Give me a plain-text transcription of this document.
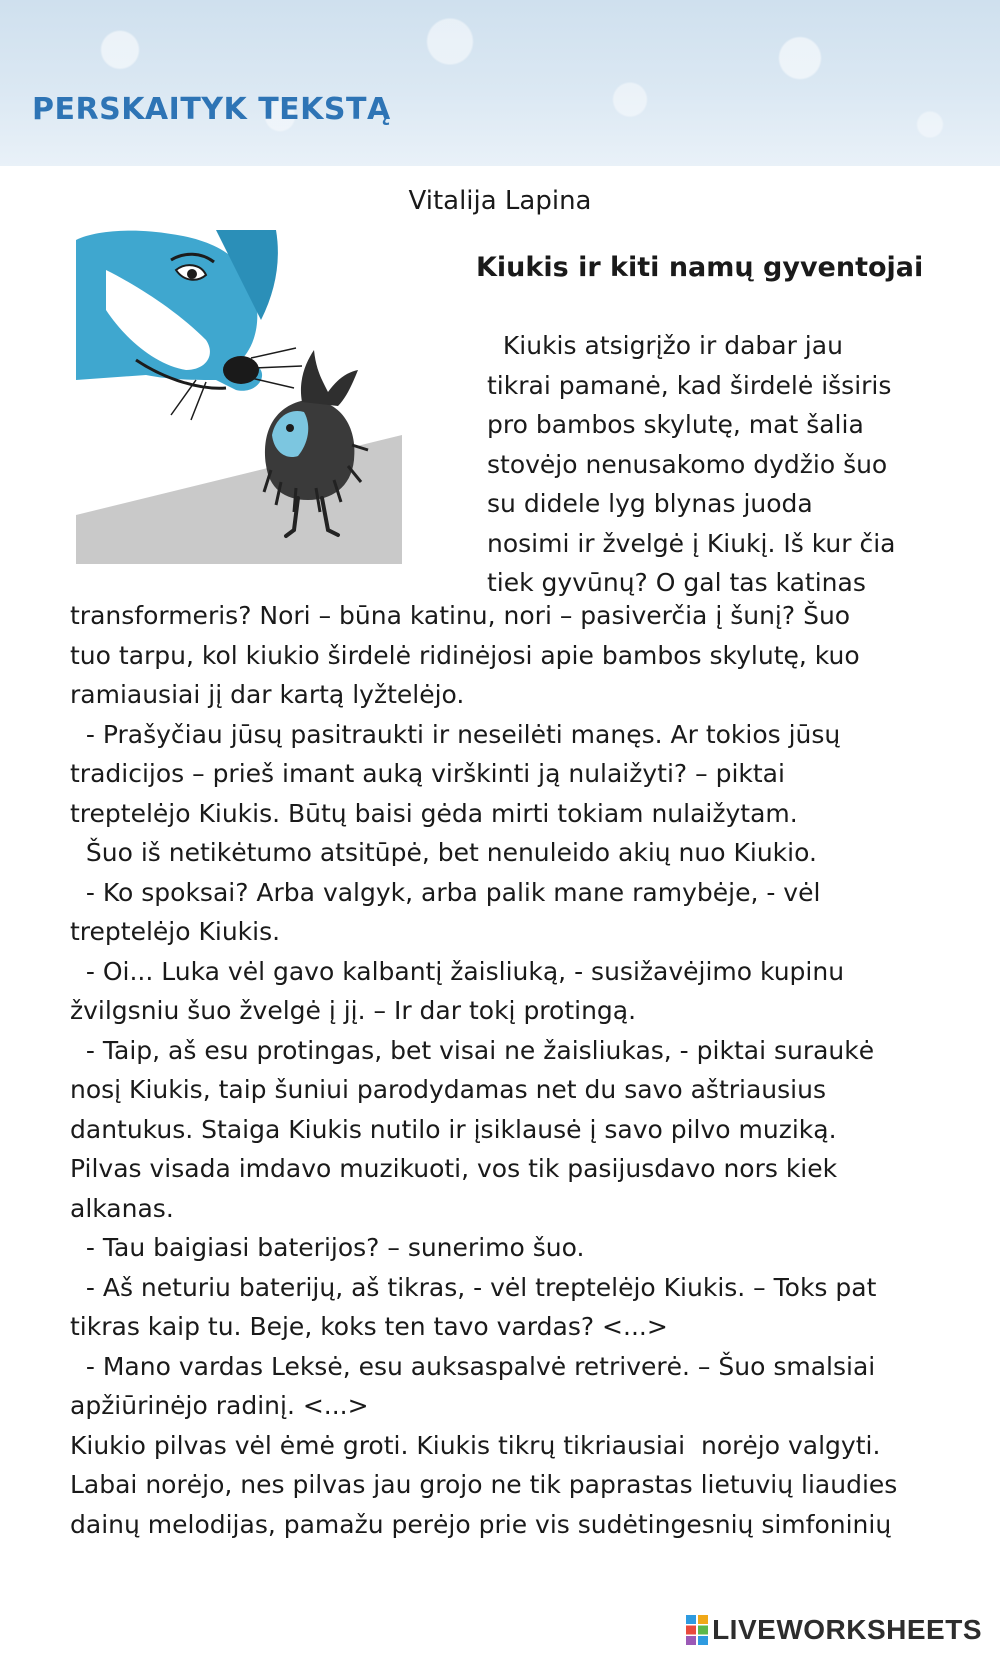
PERSKAITYK TEKSTĄ
Vitalija Lapina
Kiukis ir kiti namų gyventojai
Kiukis atsigrįžo ir dabar jau
tikrai pamanė, kad širdelė išsiris
pro bambos skylutę, mat šalia
stovėjo nenusakomo dydžio šuo
su didele lyg blynas juoda
nosimi ir žvelgė į Kiukį. Iš kur čia
tiek gyvūnų? O gal tas katinas
transformeris? Nori – būna katinu, nori – pasiverčia į šunį? Šuo
tuo tarpu, kol kiukio širdelė ridinėjosi apie bambos skylutę, kuo
ramiausiai jį dar kartą lyžtelėjo.
- Prašyčiau jūsų pasitraukti ir neseilėti manęs. Ar tokios jūsų
tradicijos – prieš imant auką virškinti ją nulaižyti? – piktai
treptelėjo Kiukis. Būtų baisi gėda mirti tokiam nulaižytam.
Šuo iš netikėtumo atsitūpė, bet nenuleido akių nuo Kiukio.
- Ko spoksai? Arba valgyk, arba palik mane ramybėje, - vėl
treptelėjo Kiukis.
- Oi... Luka vėl gavo kalbantį žaisliuką, - susižavėjimo kupinu
žvilgsniu šuo žvelgė į jį. – Ir dar tokį protingą.
- Taip, aš esu protingas, bet visai ne žaisliukas, - piktai suraukė
nosį Kiukis, taip šuniui parodydamas net du savo aštriausius
dantukus. Staiga Kiukis nutilo ir įsiklausė į savo pilvo muziką.
Pilvas visada imdavo muzikuoti, vos tik pasijusdavo nors kiek
alkanas.
- Tau baigiasi baterijos? – sunerimo šuo.
- Aš neturiu baterijų, aš tikras, - vėl treptelėjo Kiukis. – Toks pat
tikras kaip tu. Beje, koks ten tavo vardas? <...>
- Mano vardas Leksė, esu auksaspalvė retriverė. – Šuo smalsiai
apžiūrinėjo radinį. <...>
Kiukio pilvas vėl ėmė groti. Kiukis tikrų tikriausiai  norėjo valgyti.
Labai norėjo, nes pilvas jau grojo ne tik paprastas lietuvių liaudies
dainų melodijas, pamažu perėjo prie vis sudėtingesnių simfoninių
LIVEWORKSHEETS
